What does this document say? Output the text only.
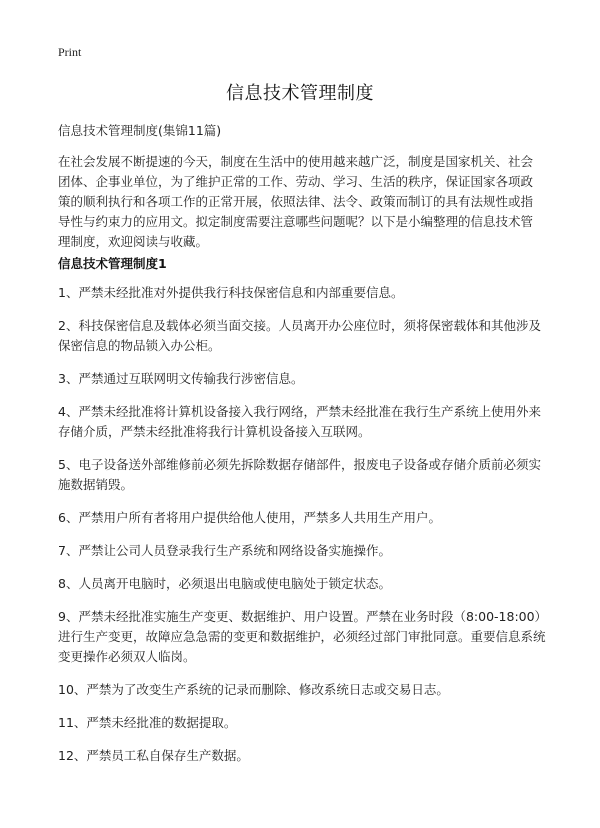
Print
信息技术管理制度
信息技术管理制度(集锦11篇)

在社会发展不断提速的今天，制度在生活中的使用越来越广泛，制度是国家机关、社会团体、企事业单位，为了维护正常的工作、劳动、学习、生活的秩序，保证国家各项政策的顺利执行和各项工作的正常开展，依照法律、法令、政策而制订的具有法规性或指导性与约束力的应用文。拟定制度需要注意哪些问题呢？以下是小编整理的信息技术管理制度，欢迎阅读与收藏。

信息技术管理制度1
1、严禁未经批准对外提供我行科技保密信息和内部重要信息。
2、科技保密信息及载体必须当面交接。人员离开办公座位时，须将保密载体和其他涉及保密信息的物品锁入办公柜。
3、严禁通过互联网明文传输我行涉密信息。
4、严禁未经批准将计算机设备接入我行网络，严禁未经批准在我行生产系统上使用外来存储介质，严禁未经批准将我行计算机设备接入互联网。
5、电子设备送外部维修前必须先拆除数据存储部件，报废电子设备或存储介质前必须实施数据销毁。
6、严禁用户所有者将用户提供给他人使用，严禁多人共用生产用户。
7、严禁让公司人员登录我行生产系统和网络设备实施操作。
8、人员离开电脑时，必须退出电脑或使电脑处于锁定状态。
9、严禁未经批准实施生产变更、数据维护、用户设置。严禁在业务时段（8:00-18:00）进行生产变更，故障应急急需的变更和数据维护，必须经过部门审批同意。重要信息系统变更操作必须双人临岗。
10、严禁为了改变生产系统的记录而删除、修改系统日志或交易日志。
11、严禁未经批准的数据提取。
12、严禁员工私自保存生产数据。
